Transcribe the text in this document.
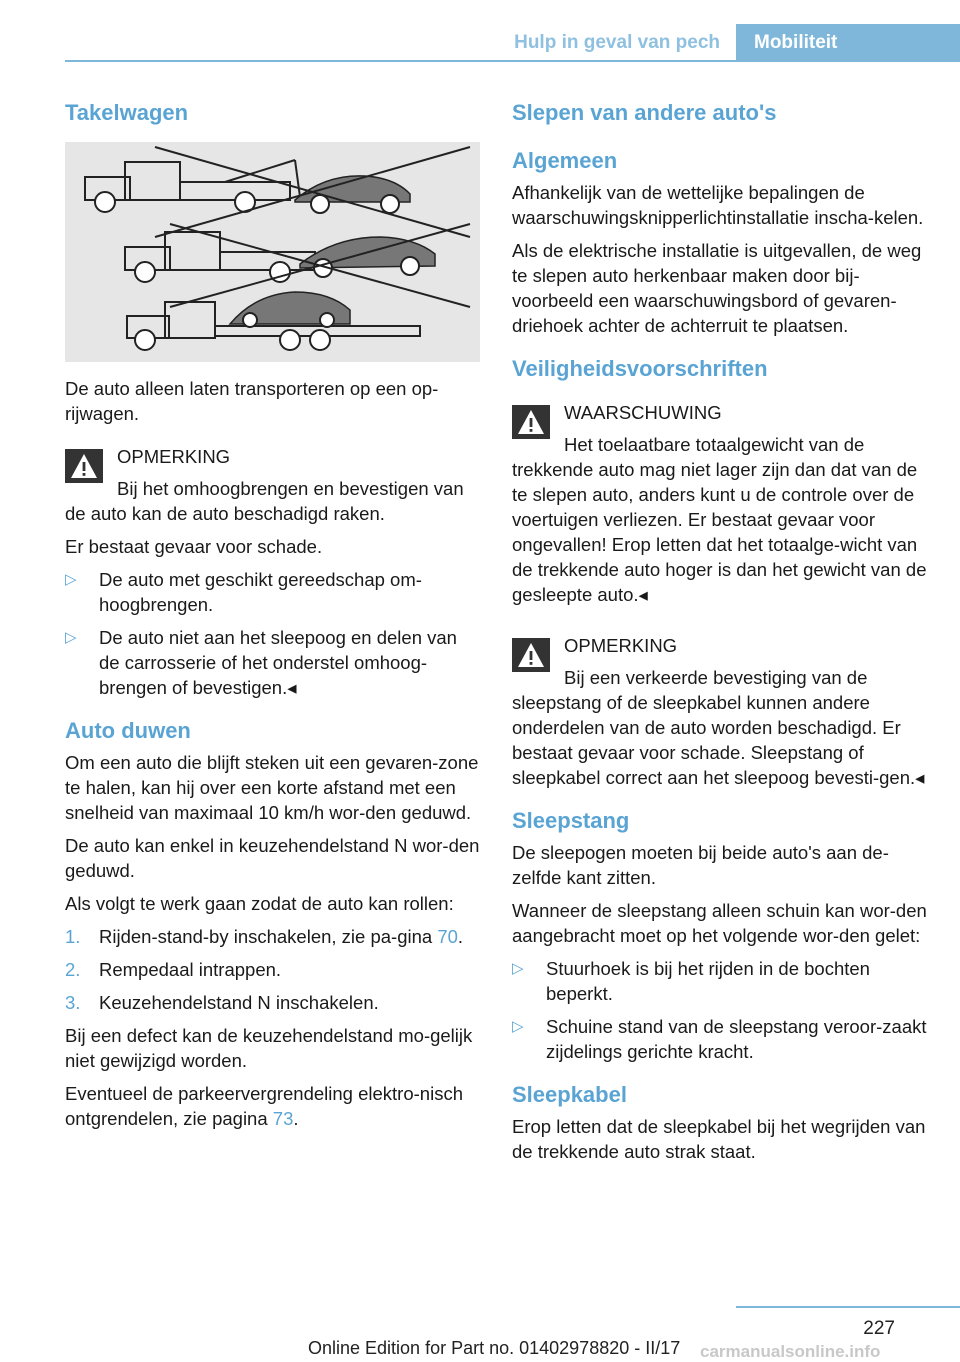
Hulp in geval van pech	Mobiliteit
Takelwagen

De auto alleen laten transporteren op een op-rijwagen.

OPMERKING

Bij het omhoogbrengen en bevestigen van de auto kan de auto beschadigd raken.

Er bestaat gevaar voor schade.

▷ De auto met geschikt gereedschap om-hoogbrengen.
▷ De auto niet aan het sleepoog en delen van de carrosserie of het onderstel omhoog-brengen of bevestigen.◂
Auto duwen

Om een auto die blijft steken uit een gevaren-zone te halen, kan hij over een korte afstand met een snelheid van maximaal 10 km/h wor-den geduwd.

De auto kan enkel in keuzehendelstand N wor-den geduwd.

Als volgt te werk gaan zodat de auto kan rollen:

1. Rijden-stand-by inschakelen, zie pa-gina 70.
2. Rempedaal intrappen.
3. Keuzehendelstand N inschakelen.

Bij een defect kan de keuzehendelstand mo-gelijk niet gewijzigd worden.

Eventueel de parkeervergrendeling elektro-nisch ontgrendelen, zie pagina 73.

Slepen van andere auto's
Algemeen

Afhankelijk van de wettelijke bepalingen de waarschuwingsknipperlichtinstallatie inscha-kelen.

Als de elektrische installatie is uitgevallen, de weg te slepen auto herkenbaar maken door bij-voorbeeld een waarschuwingsbord of gevaren-driehoek achter de achterruit te plaatsen.

Veiligheidsvoorschriften
WAARSCHUWING

Het toelaatbare totaalgewicht van de trekkende auto mag niet lager zijn dan dat van de te slepen auto, anders kunt u de controle over de voertuigen verliezen. Er bestaat gevaar voor ongevallen! Erop letten dat het totaalge-wicht van de trekkende auto hoger is dan het gewicht van de gesleepte auto.◂

OPMERKING

Bij een verkeerde bevestiging van de sleepstang of de sleepkabel kunnen andere onderdelen van de auto worden beschadigd. Er bestaat gevaar voor schade. Sleepstang of sleepkabel correct aan het sleepoog bevesti-gen.◂

Sleepstang

De sleepogen moeten bij beide auto's aan de-zelfde kant zitten.

Wanneer de sleepstang alleen schuin kan wor-den aangebracht moet op het volgende wor-den gelet:

▷ Stuurhoek is bij het rijden in de bochten beperkt.
▷ Schuine stand van de sleepstang veroor-zaakt zijdelings gerichte kracht.
Sleepkabel

Erop letten dat de sleepkabel bij het wegrijden van de trekkende auto strak staat.

227
Online Edition for Part no. 01402978820 - II/17 carmanualsonline.info
